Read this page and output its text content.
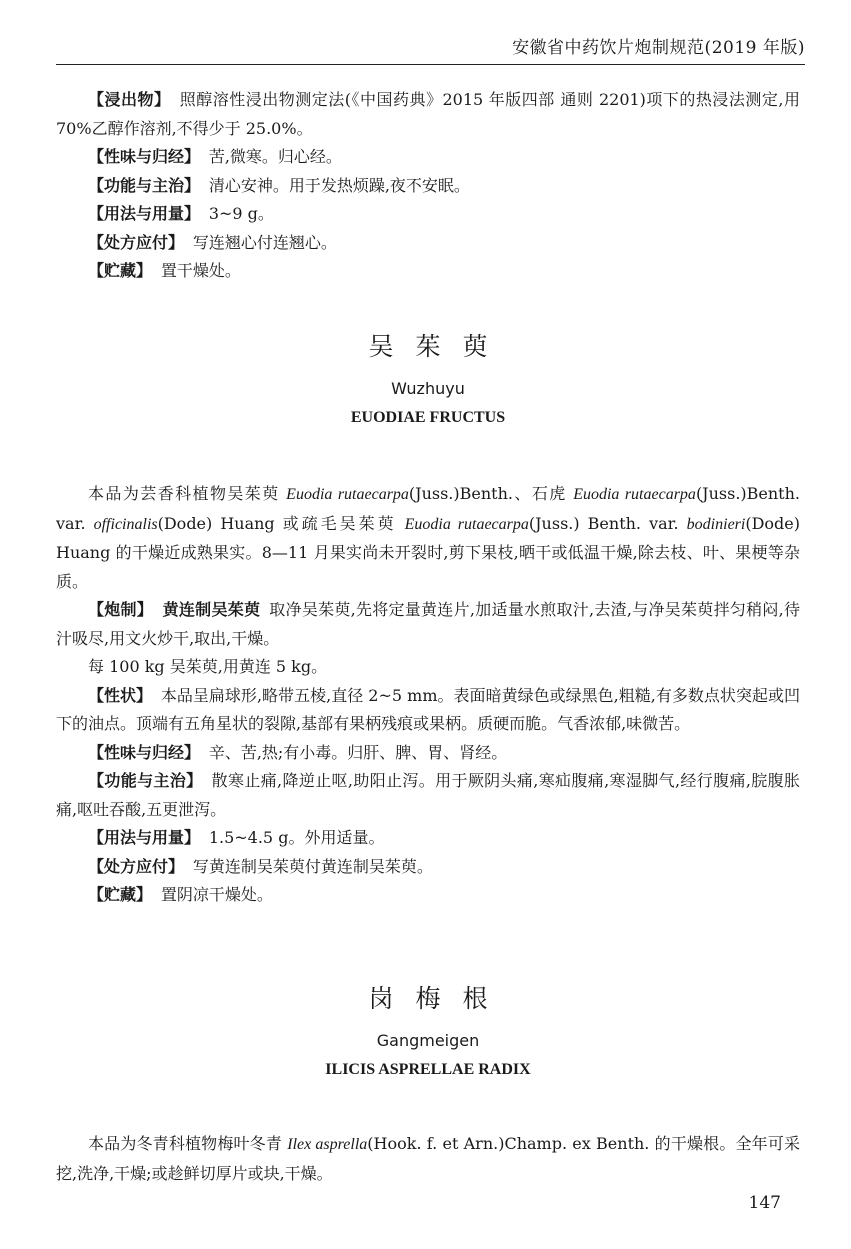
安徽省中药饮片炮制规范(2019 年版)

【浸出物】 照醇溶性浸出物测定法(《中国药典》2015 年版四部 通则 2201)项下的热浸法测定,用 70%乙醇作溶剂,不得少于 25.0%。

【性味与归经】 苦,微寒。归心经。

【功能与主治】 清心安神。用于发热烦躁,夜不安眠。

【用法与用量】 3~9 g。

【处方应付】 写连翘心付连翘心。

【贮藏】 置干燥处。

吴茱萸
Wuzhuyu
EUODIAE FRUCTUS

本品为芸香科植物吴茱萸 Euodia rutaecarpa(Juss.)Benth.、石虎 Euodia rutaecarpa(Juss.)Benth. var. officinalis(Dode) Huang 或疏毛吴茱萸 Euodia rutaecarpa(Juss.) Benth. var. bodinieri(Dode) Huang 的干燥近成熟果实。8—11 月果实尚未开裂时,剪下果枝,晒干或低温干燥,除去枝、叶、果梗等杂质。

【炮制】 黄连制吴茱萸 取净吴茱萸,先将定量黄连片,加适量水煎取汁,去渣,与净吴茱萸拌匀稍闷,待汁吸尽,用文火炒干,取出,干燥。

每 100 kg 吴茱萸,用黄连 5 kg。

【性状】 本品呈扁球形,略带五棱,直径 2~5 mm。表面暗黄绿色或绿黑色,粗糙,有多数点状突起或凹下的油点。顶端有五角星状的裂隙,基部有果柄残痕或果柄。质硬而脆。气香浓郁,味微苦。

【性味与归经】 辛、苦,热;有小毒。归肝、脾、胃、肾经。

【功能与主治】 散寒止痛,降逆止呕,助阳止泻。用于厥阴头痛,寒疝腹痛,寒湿脚气,经行腹痛,脘腹胀痛,呕吐吞酸,五更泄泻。

【用法与用量】 1.5~4.5 g。外用适量。

【处方应付】 写黄连制吴茱萸付黄连制吴茱萸。

【贮藏】 置阴凉干燥处。

岗梅根
Gangmeigen
ILICIS ASPRELLAE RADIX

本品为冬青科植物梅叶冬青 Ilex asprella(Hook. f. et Arn.)Champ. ex Benth. 的干燥根。全年可采挖,洗净,干燥;或趁鲜切厚片或块,干燥。

147
